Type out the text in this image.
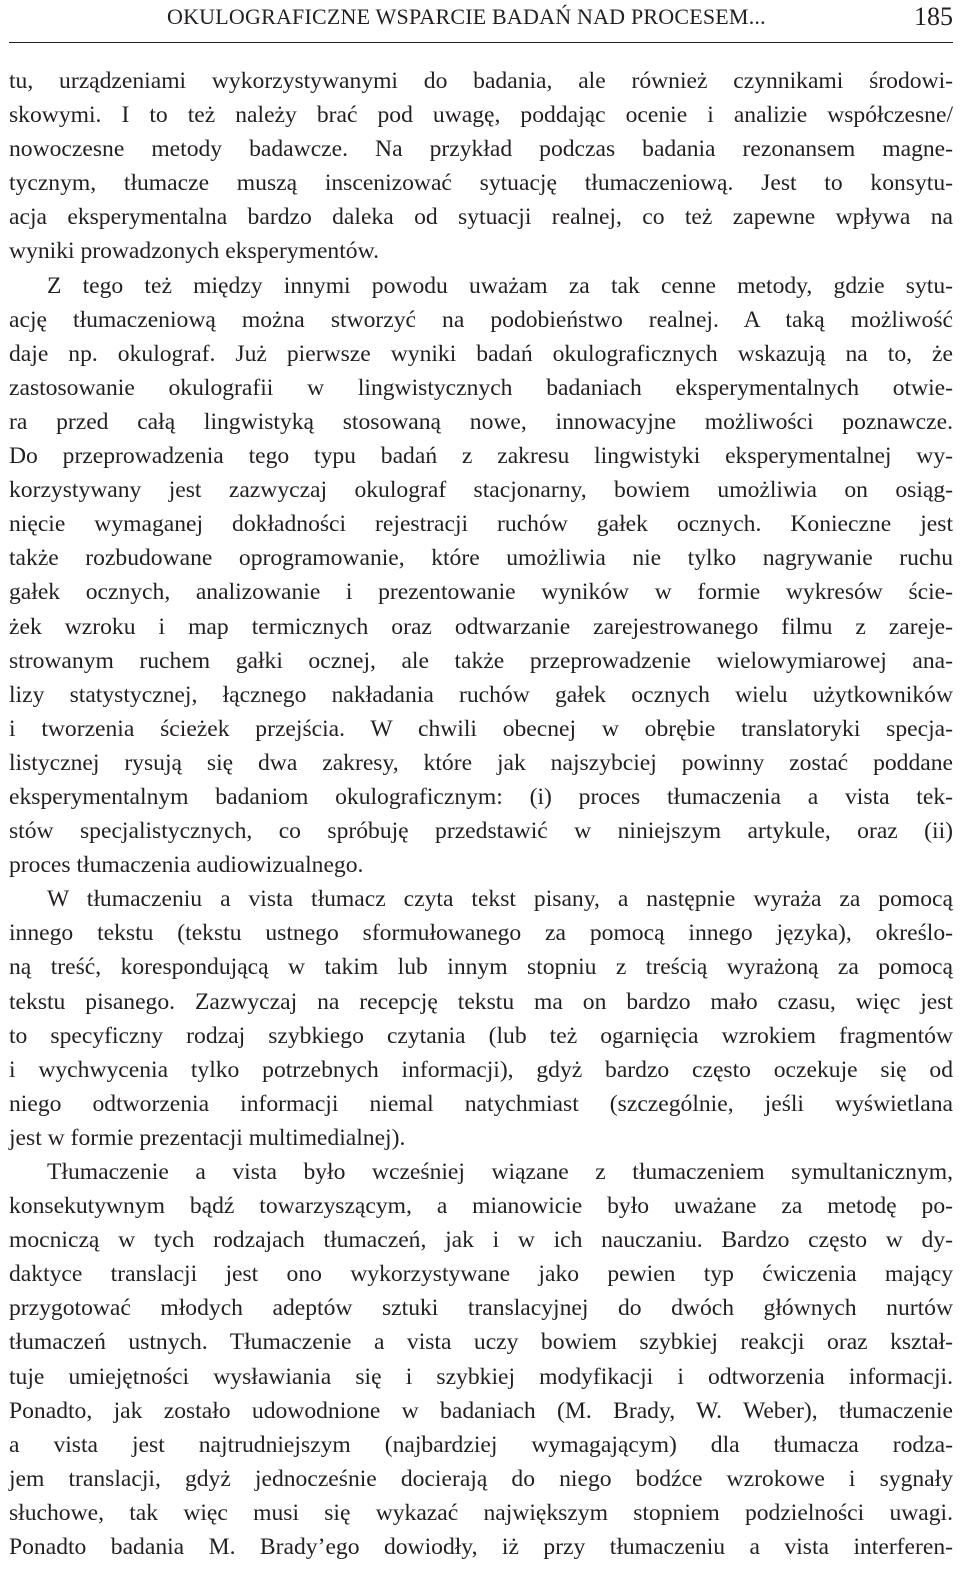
OKULOGRAFICZNE WSPARCIE BADAŃ NAD PROCESEM...	185
tu, urządzeniami wykorzystywanymi do badania, ale również czynnikami środowi-
skowymi. I to też należy brać pod uwagę, poddając ocenie i analizie współczesne/
nowoczesne metody badawcze. Na przykład podczas badania rezonansem magne-
tycznym, tłumacze muszą inscenizować sytuację tłumaczeniową. Jest to konsytu-
acja eksperymentalna bardzo daleka od sytuacji realnej, co też zapewne wpływa na
wyniki prowadzonych eksperymentów.
Z tego też między innymi powodu uważam za tak cenne metody, gdzie sytu-
ację tłumaczeniową można stworzyć na podobieństwo realnej. A taką możliwość
daje np. okulograf. Już pierwsze wyniki badań okulograficznych wskazują na to, że
zastosowanie okulografii w lingwistycznych badaniach eksperymentalnych otwie-
ra przed całą lingwistyką stosowaną nowe, innowacyjne możliwości poznawcze.
Do przeprowadzenia tego typu badań z zakresu lingwistyki eksperymentalnej wy-
korzystywany jest zazwyczaj okulograf stacjonarny, bowiem umożliwia on osiąg-
nięcie wymaganej dokładności rejestracji ruchów gałek ocznych. Konieczne jest
także rozbudowane oprogramowanie, które umożliwia nie tylko nagrywanie ruchu
gałek ocznych, analizowanie i prezentowanie wyników w formie wykresów ście-
żek wzroku i map termicznych oraz odtwarzanie zarejestrowanego filmu z zareje-
strowanym ruchem gałki ocznej, ale także przeprowadzenie wielowymiarowej ana-
lizy statystycznej, łącznego nakładania ruchów gałek ocznych wielu użytkowników
i tworzenia ścieżek przejścia. W chwili obecnej w obrębie translatoryki specja-
listycznej rysują się dwa zakresy, które jak najszybciej powinny zostać poddane
eksperymentalnym badaniom okulograficznym: (i) proces tłumaczenia a vista tek-
stów specjalistycznych, co spróbuję przedstawić w niniejszym artykule, oraz (ii)
proces tłumaczenia audiowizualnego.
W tłumaczeniu a vista tłumacz czyta tekst pisany, a następnie wyraża za pomocą
innego tekstu (tekstu ustnego sformułowanego za pomocą innego języka), określo-
ną treść, korespondującą w takim lub innym stopniu z treścią wyrażoną za pomocą
tekstu pisanego. Zazwyczaj na recepcję tekstu ma on bardzo mało czasu, więc jest
to specyficzny rodzaj szybkiego czytania (lub też ogarnięcia wzrokiem fragmentów
i wychwycenia tylko potrzebnych informacji), gdyż bardzo często oczekuje się od
niego odtworzenia informacji niemal natychmiast (szczególnie, jeśli wyświetlana
jest w formie prezentacji multimedialnej).
Tłumaczenie a vista było wcześniej wiązane z tłumaczeniem symultanicznym,
konsekutywnym bądź towarzyszącym, a mianowicie było uważane za metodę po-
mocniczą w tych rodzajach tłumaczeń, jak i w ich nauczaniu. Bardzo często w dy-
daktyce translacji jest ono wykorzystywane jako pewien typ ćwiczenia mający
przygotować młodych adeptów sztuki translacyjnej do dwóch głównych nurtów
tłumaczeń ustnych. Tłumaczenie a vista uczy bowiem szybkiej reakcji oraz kształ-
tuje umiejętności wysławiania się i szybkiej modyfikacji i odtworzenia informacji.
Ponadto, jak zostało udowodnione w badaniach (M. Brady, W. Weber), tłumaczenie
a vista jest najtrudniejszym (najbardziej wymagającym) dla tłumacza rodza-
jem translacji, gdyż jednocześnie docierają do niego bodźce wzrokowe i sygnały
słuchowe, tak więc musi się wykazać największym stopniem podzielności uwagi.
Ponadto badania M. Brady’ego dowiodły, iż przy tłumaczeniu a vista interferen-
